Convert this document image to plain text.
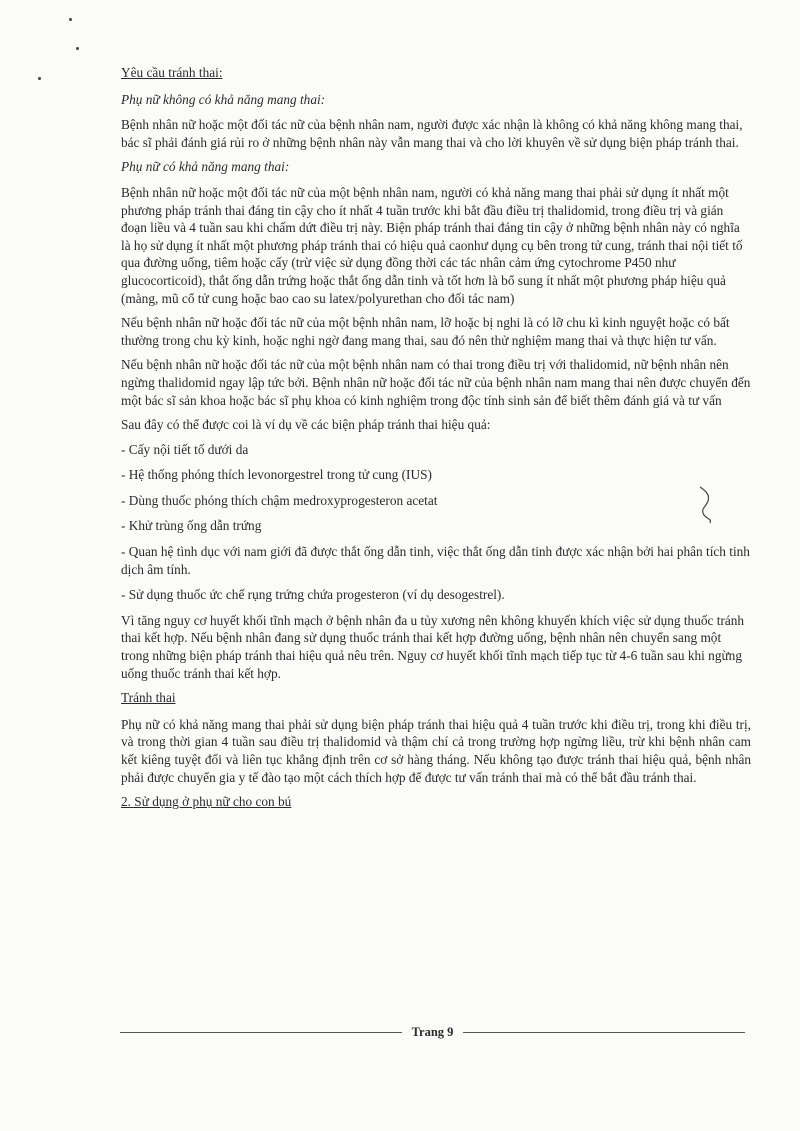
Yêu cầu tránh thai:

Phụ nữ không có khả năng mang thai:

Bệnh nhân nữ hoặc một đối tác nữ của bệnh nhân nam, người được xác nhận là không có khả năng không mang thai, bác sĩ phải đánh giá rủi ro ở những bệnh nhân này vẫn mang thai và cho lời khuyên về sử dụng biện pháp tránh thai.

Phụ nữ có khả năng mang thai:

Bệnh nhân nữ hoặc một đối tác nữ của một bệnh nhân nam, người có khả năng mang thai phải sử dụng ít nhất một phương pháp tránh thai đáng tin cậy cho ít nhất 4 tuần trước khi bắt đầu điều trị thalidomid, trong điều trị và gián đoạn liều và 4 tuần sau khi chấm dứt điều trị này. Biện pháp tránh thai đáng tin cậy ở những bệnh nhân này có nghĩa là họ sử dụng ít nhất một phương pháp tránh thai có hiệu quả caonhư dụng cụ bên trong tử cung, tránh thai nội tiết tố qua đường uống, tiêm hoặc cấy (trừ việc sử dụng đồng thời các tác nhân cảm ứng cytochrome P450 như glucocorticoid), thắt ống dẫn trứng hoặc thắt ống dẫn tinh và tốt hơn là bổ sung ít nhất một phương pháp hiệu quả (màng, mũ cổ tử cung hoặc bao cao su latex/polyurethan cho đối tác nam)

Nếu bệnh nhân nữ hoặc đối tác nữ của một bệnh nhân nam, lỡ hoặc bị nghi là có lỡ chu kì kinh nguyệt hoặc có bất thường trong chu kỳ kinh, hoặc nghi ngờ đang mang thai, sau đó nên thử nghiệm mang thai và thực hiện tư vấn.

Nếu bệnh nhân nữ hoặc đối tác nữ của một bệnh nhân nam có thai trong điều trị với thalidomid, nữ bệnh nhân nên ngừng thalidomid ngay lập tức bởi. Bệnh nhân nữ hoặc đối tác nữ của bệnh nhân nam mang thai nên được chuyển đến một bác sĩ sản khoa hoặc bác sĩ phụ khoa có kinh nghiệm trong độc tính sinh sản để biết thêm đánh giá và tư vấn

Sau đây có thể được coi là ví dụ về các biện pháp tránh thai hiệu quả:

- Cấy nội tiết tố dưới da

- Hệ thống phóng thích levonorgestrel trong tử cung (IUS)

- Dùng thuốc phóng thích chậm medroxyprogesteron acetat

- Khử trùng ống dẫn trứng

- Quan hệ tình dục với nam giới đã được thắt ống dẫn tinh, việc thắt ống dẫn tinh được xác nhận bởi hai phân tích tinh dịch âm tính.

- Sử dụng thuốc ức chế rụng trứng chứa progesteron (ví dụ desogestrel).

Vì tăng nguy cơ huyết khối tĩnh mạch ở bệnh nhân đa u tủy xương nên không khuyến khích việc sử dụng thuốc tránh thai kết hợp. Nếu bệnh nhân đang sử dụng thuốc tránh thai kết hợp đường uống, bệnh nhân nên chuyển sang một trong những biện pháp tránh thai hiệu quả nêu trên. Nguy cơ huyết khối tĩnh mạch tiếp tục từ 4-6 tuần sau khi ngừng uống thuốc tránh thai kết hợp.

Tránh thai

Phụ nữ có khả năng mang thai phải sử dụng biện pháp tránh thai hiệu quả 4 tuần trước khi điều trị, trong khi điều trị, và trong thời gian 4 tuần sau điều trị thalidomid và thậm chí cả trong trường hợp ngừng liều, trừ khi bệnh nhân cam kết kiêng tuyệt đối và liên tục khẳng định trên cơ sở hàng tháng. Nếu không tạo được tránh thai hiệu quả, bệnh nhân phải được chuyển gia y tế đào tạo một cách thích hợp để được tư vấn tránh thai mà có thể bắt đầu tránh thai.

2. Sử dụng ở phụ nữ cho con bú

Trang 9
